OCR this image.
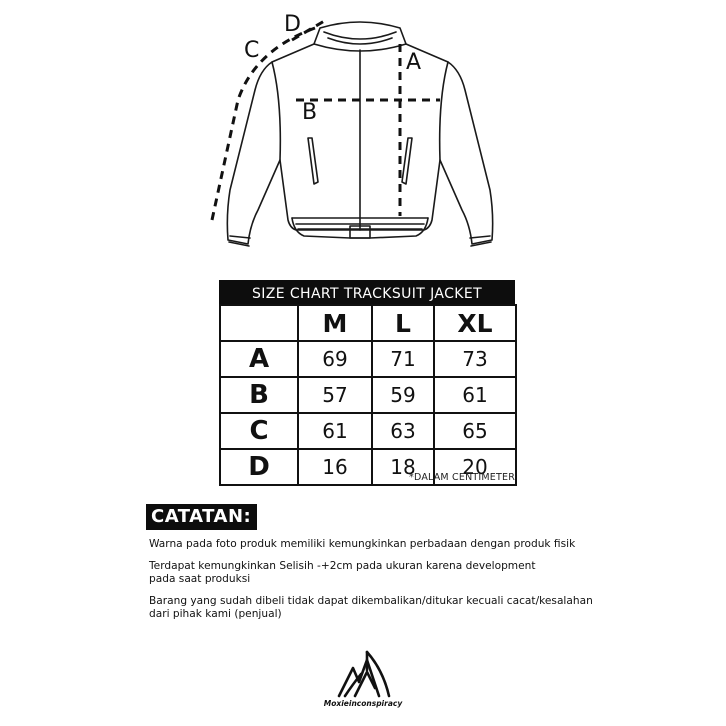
A
B
C
D
SIZE CHART TRACKSUIT JACKET
	M	L	XL
A	69	71	73
B	57	59	61
C	61	63	65
D	16	18	20
*DALAM CENTIMETER
CATATAN:

Warna pada foto produk memiliki kemungkinkan perbadaan dengan produk fisik

Terdapat kemungkinkan Selisih -+2cm pada ukuran karena development
pada saat produksi

Barang yang sudah dibeli tidak dapat dikembalikan/ditukar kecuali cacat/kesalahan
dari pihak kami (penjual)

Moxieinconspiracy
